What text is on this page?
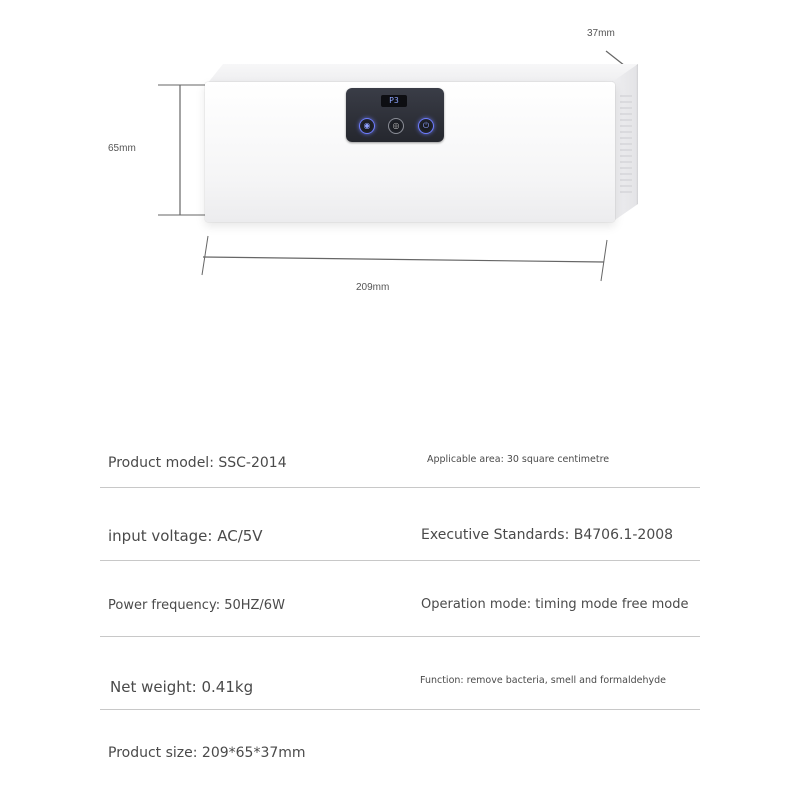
P3
◉	◎	⏻
37mm
65mm
209mm
Product model: SSC-2014	Applicable area: 30 square centimetre
input voltage: AC/5V	Executive Standards: B4706.1-2008
Power frequency: 50HZ/6W	Operation mode: timing mode free mode
Net weight: 0.41kg	Function: remove bacteria, smell and formaldehyde
Product size: 209*65*37mm
